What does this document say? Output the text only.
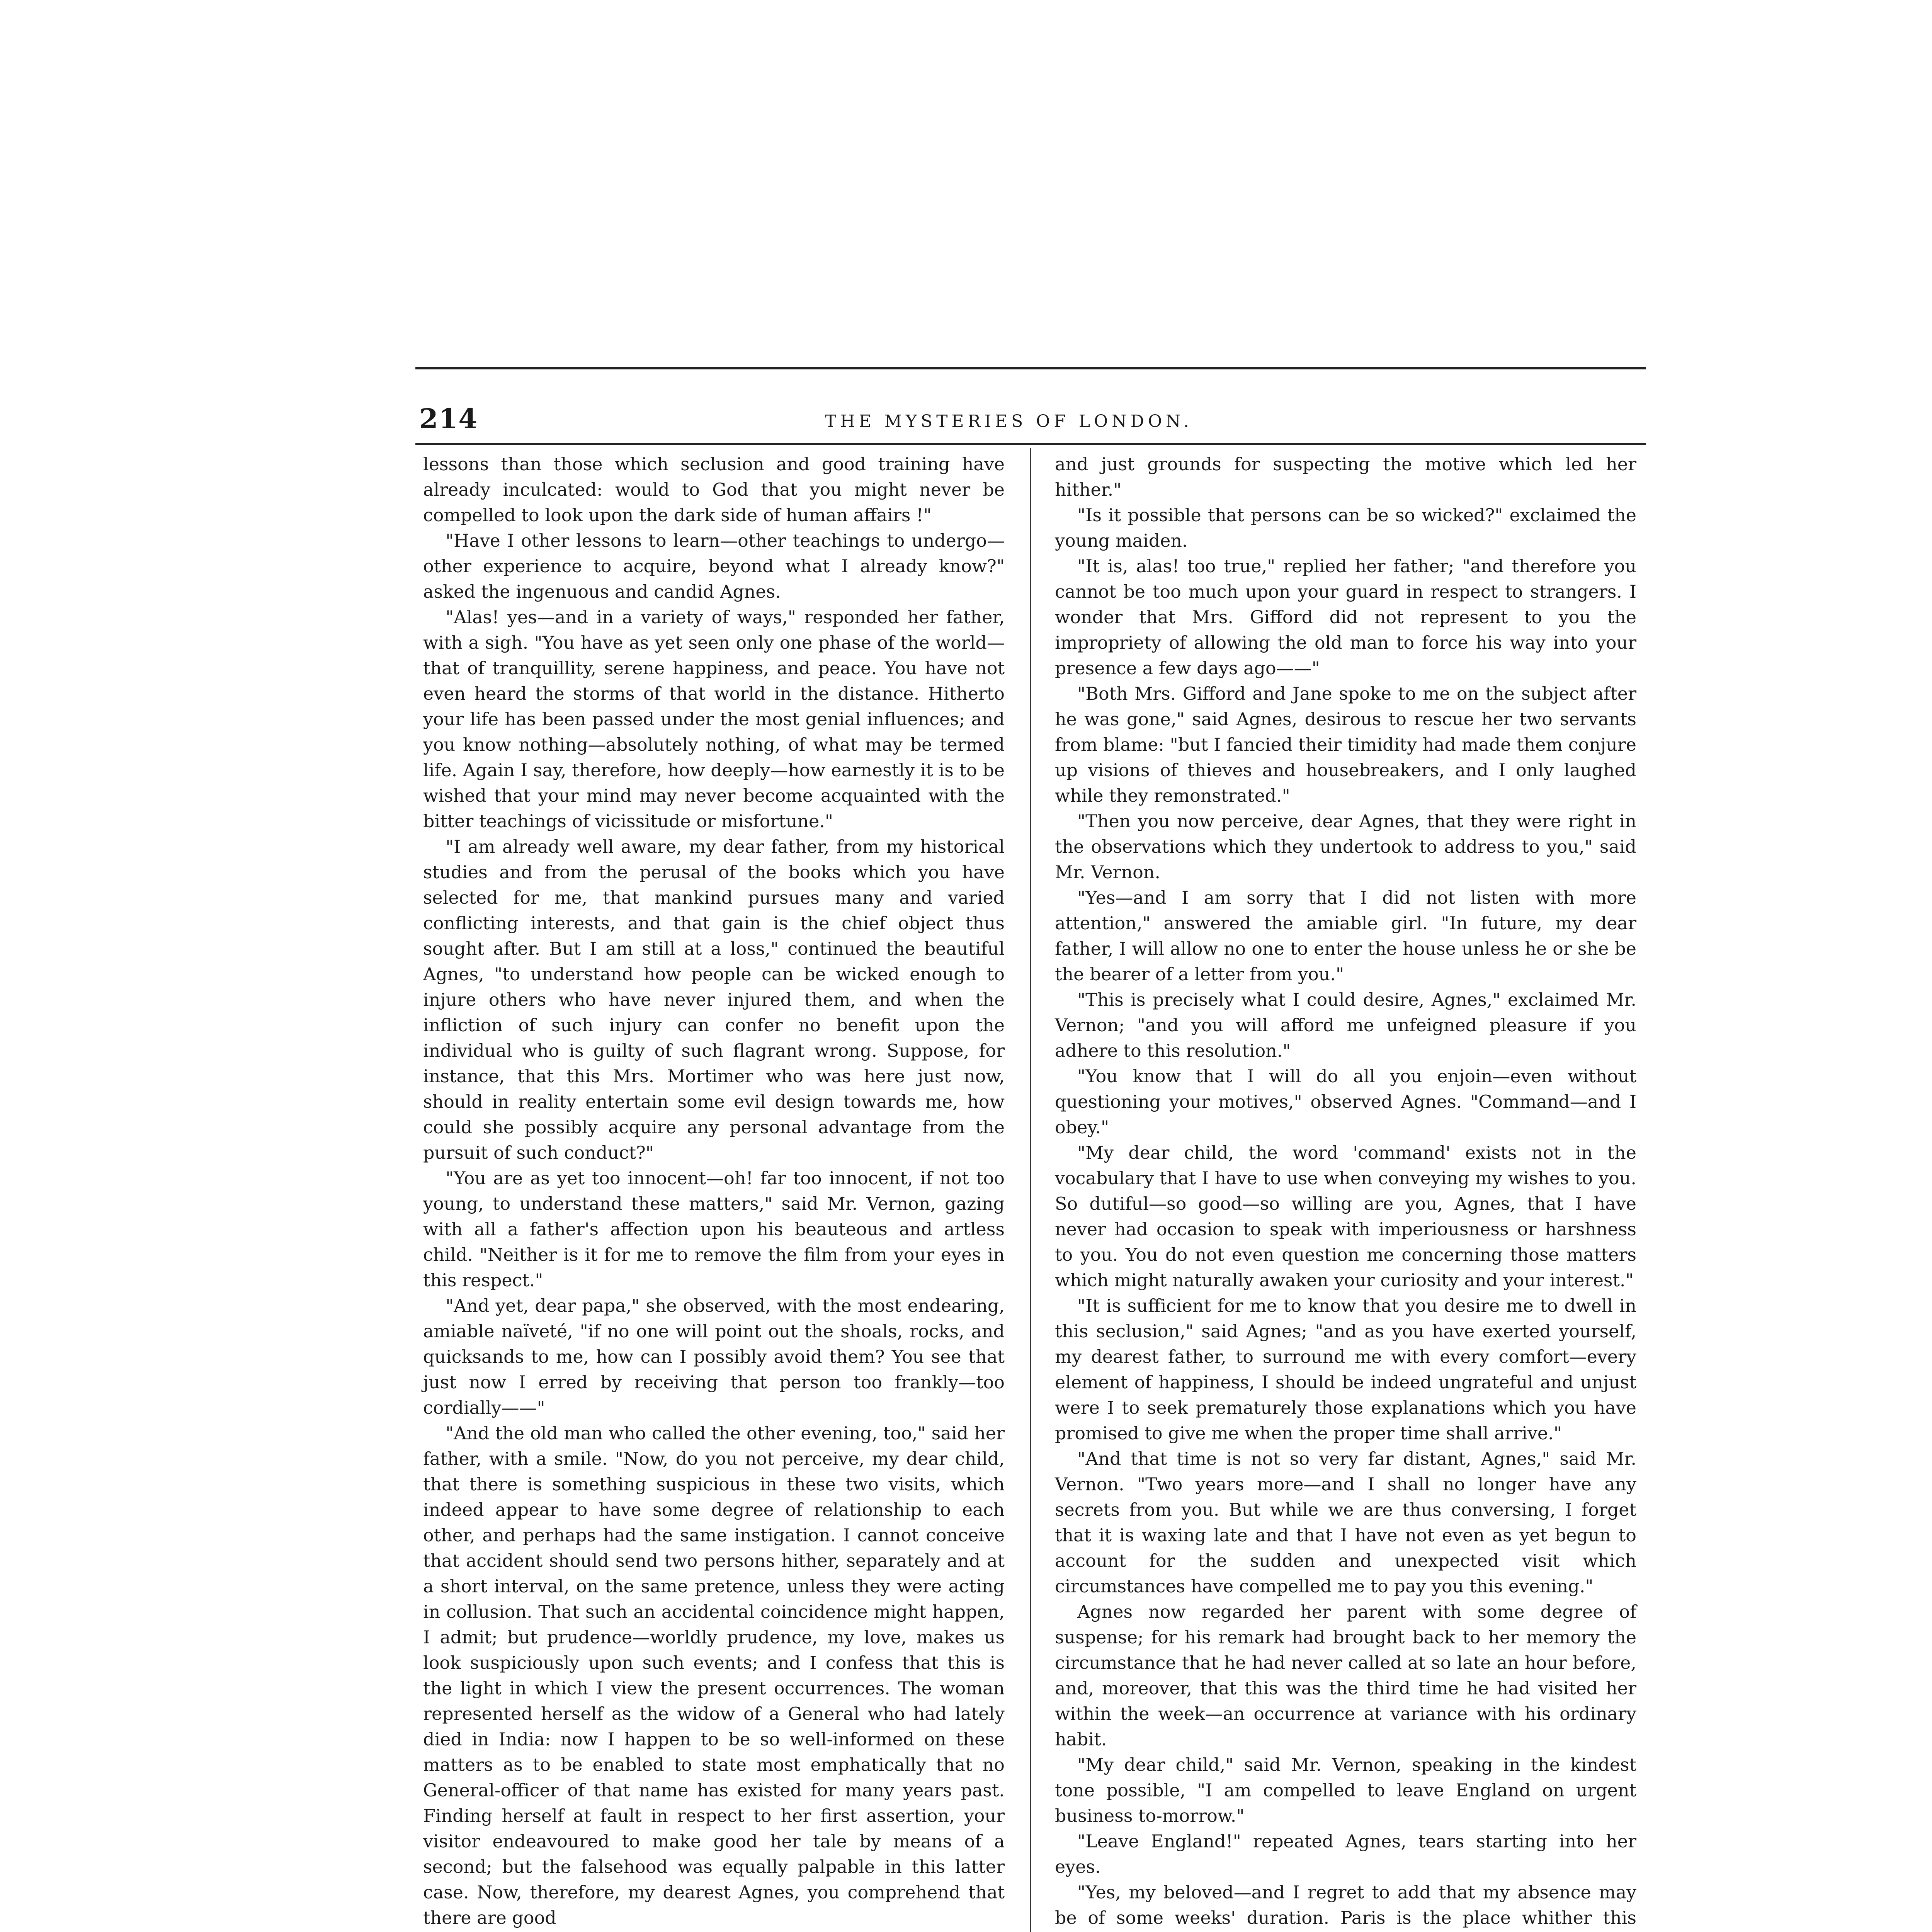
214	THE MYSTERIES OF LONDON.

lessons than those which seclusion and good training have already inculcated: would to God that you might never be compelled to look upon the dark side of human affairs !"

"Have I other lessons to learn—other teachings to undergo—other experience to acquire, beyond what I already know?" asked the ingenuous and candid Agnes.

"Alas! yes—and in a variety of ways," responded her father, with a sigh. "You have as yet seen only one phase of the world—that of tranquillity, serene happiness, and peace. You have not even heard the storms of that world in the distance. Hitherto your life has been passed under the most genial influences; and you know nothing—absolutely nothing, of what may be termed life. Again I say, therefore, how deeply—how earnestly it is to be wished that your mind may never become acquainted with the bitter teachings of vicissitude or misfortune."

"I am already well aware, my dear father, from my historical studies and from the perusal of the books which you have selected for me, that mankind pursues many and varied conflicting interests, and that gain is the chief object thus sought after. But I am still at a loss," continued the beautiful Agnes, "to understand how people can be wicked enough to injure others who have never injured them, and when the infliction of such injury can confer no benefit upon the individual who is guilty of such flagrant wrong. Suppose, for instance, that this Mrs. Mortimer who was here just now, should in reality entertain some evil design towards me, how could she possibly acquire any personal advantage from the pursuit of such conduct?"

"You are as yet too innocent—oh! far too innocent, if not too young, to understand these matters," said Mr. Vernon, gazing with all a father's affection upon his beauteous and artless child. "Neither is it for me to remove the film from your eyes in this respect."

"And yet, dear papa," she observed, with the most endearing, amiable naïveté, "if no one will point out the shoals, rocks, and quicksands to me, how can I possibly avoid them? You see that just now I erred by receiving that person too frankly—too cordially——"

"And the old man who called the other evening, too," said her father, with a smile. "Now, do you not perceive, my dear child, that there is something suspicious in these two visits, which indeed appear to have some degree of relationship to each other, and perhaps had the same instigation. I cannot conceive that accident should send two persons hither, separately and at a short interval, on the same pretence, unless they were acting in collusion. That such an accidental coincidence might happen, I admit; but prudence—worldly prudence, my love, makes us look suspiciously upon such events; and I confess that this is the light in which I view the present occurrences. The woman represented herself as the widow of a General who had lately died in India: now I happen to be so well-informed on these matters as to be enabled to state most emphatically that no General-officer of that name has existed for many years past. Finding herself at fault in respect to her first assertion, your visitor endeavoured to make good her tale by means of a second; but the falsehood was equally palpable in this latter case. Now, therefore, my dearest Agnes, you comprehend that there are good

and just grounds for suspecting the motive which led her hither."

"Is it possible that persons can be so wicked?" exclaimed the young maiden.

"It is, alas! too true," replied her father; "and therefore you cannot be too much upon your guard in respect to strangers. I wonder that Mrs. Gifford did not represent to you the impropriety of allowing the old man to force his way into your presence a few days ago——"

"Both Mrs. Gifford and Jane spoke to me on the subject after he was gone," said Agnes, desirous to rescue her two servants from blame: "but I fancied their timidity had made them conjure up visions of thieves and housebreakers, and I only laughed while they remonstrated."

"Then you now perceive, dear Agnes, that they were right in the observations which they undertook to address to you," said Mr. Vernon.

"Yes—and I am sorry that I did not listen with more attention," answered the amiable girl. "In future, my dear father, I will allow no one to enter the house unless he or she be the bearer of a letter from you."

"This is precisely what I could desire, Agnes," exclaimed Mr. Vernon; "and you will afford me unfeigned pleasure if you adhere to this resolution."

"You know that I will do all you enjoin—even without questioning your motives," observed Agnes. "Command—and I obey."

"My dear child, the word 'command' exists not in the vocabulary that I have to use when conveying my wishes to you. So dutiful—so good—so willing are you, Agnes, that I have never had occasion to speak with imperiousness or harshness to you. You do not even question me concerning those matters which might naturally awaken your curiosity and your interest."

"It is sufficient for me to know that you desire me to dwell in this seclusion," said Agnes; "and as you have exerted yourself, my dearest father, to surround me with every comfort—every element of happiness, I should be indeed ungrateful and unjust were I to seek prematurely those explanations which you have promised to give me when the proper time shall arrive."

"And that time is not so very far distant, Agnes," said Mr. Vernon. "Two years more—and I shall no longer have any secrets from you. But while we are thus conversing, I forget that it is waxing late and that I have not even as yet begun to account for the sudden and unexpected visit which circumstances have compelled me to pay you this evening."

Agnes now regarded her parent with some degree of suspense; for his remark had brought back to her memory the circumstance that he had never called at so late an hour before, and, moreover, that this was the third time he had visited her within the week—an occurrence at variance with his ordinary habit.

"My dear child," said Mr. Vernon, speaking in the kindest tone possible, "I am compelled to leave England on urgent business to-morrow."

"Leave England!" repeated Agnes, tears starting into her eyes.

"Yes, my beloved—and I regret to add that my absence may be of some weeks' duration. Paris is the place whither this
